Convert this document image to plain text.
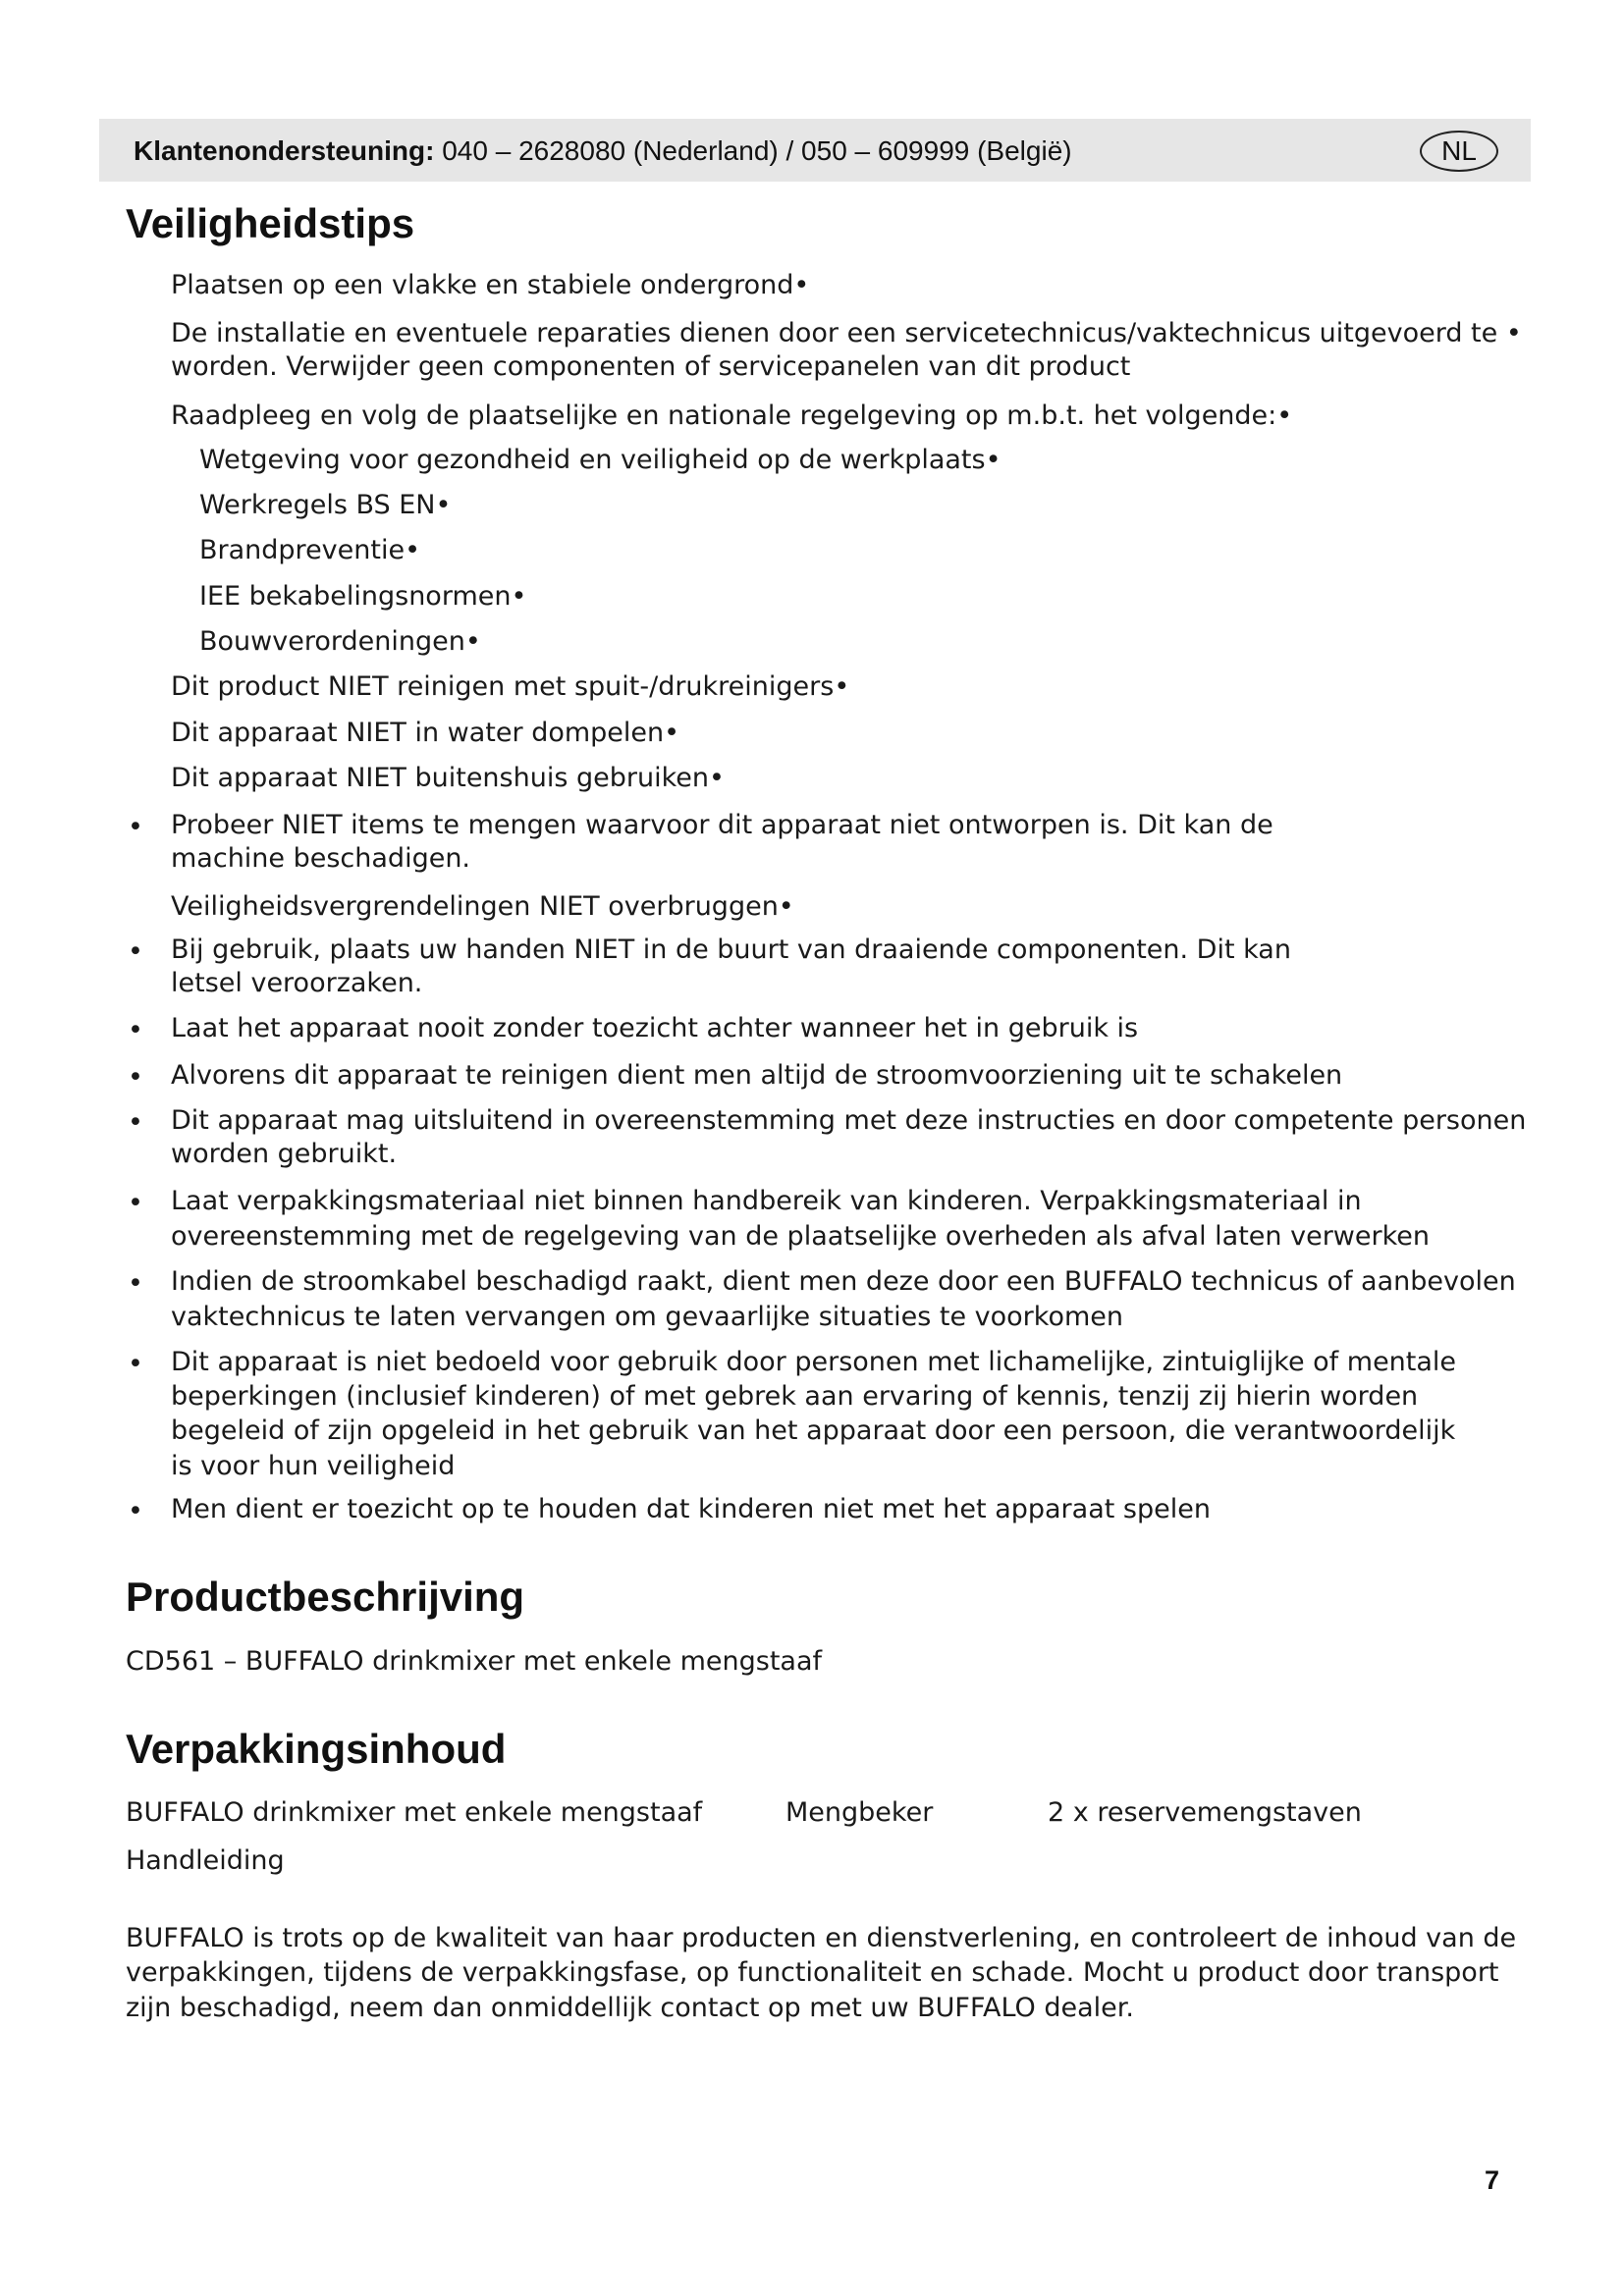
Klantenondersteuning: 040 – 2628080 (Nederland) / 050 – 609999 (België)	NL
Veiligheidstips
Plaatsen op een vlakke en stabiele ondergrond•
De installatie en eventuele reparaties dienen door een servicetechnicus/vaktechnicus uitgevoerd te •
worden. Verwijder geen componenten of servicepanelen van dit product
Raadpleeg en volg de plaatselijke en nationale regelgeving op m.b.t. het volgende:•
Wetgeving voor gezondheid en veiligheid op de werkplaats•
Werkregels BS EN•
Brandpreventie•
IEE bekabelingsnormen•
Bouwverordeningen•
Dit product NIET reinigen met spuit-/drukreinigers•
Dit apparaat NIET in water dompelen•
Dit apparaat NIET buitenshuis gebruiken•
• Probeer NIET items te mengen waarvoor dit apparaat niet ontworpen is. Dit kan de
machine beschadigen.
Veiligheidsvergrendelingen NIET overbruggen•
• Bij gebruik, plaats uw handen NIET in de buurt van draaiende componenten. Dit kan
letsel veroorzaken.
• Laat het apparaat nooit zonder toezicht achter wanneer het in gebruik is
• Alvorens dit apparaat te reinigen dient men altijd de stroomvoorziening uit te schakelen
• Dit apparaat mag uitsluitend in overeenstemming met deze instructies en door competente personen
worden gebruikt.
• Laat verpakkingsmateriaal niet binnen handbereik van kinderen. Verpakkingsmateriaal in
overeenstemming met de regelgeving van de plaatselijke overheden als afval laten verwerken
• Indien de stroomkabel beschadigd raakt, dient men deze door een BUFFALO technicus of aanbevolen
vaktechnicus te laten vervangen om gevaarlijke situaties te voorkomen
• Dit apparaat is niet bedoeld voor gebruik door personen met lichamelijke, zintuiglijke of mentale
beperkingen (inclusief kinderen) of met gebrek aan ervaring of kennis, tenzij zij hierin worden
begeleid of zijn opgeleid in het gebruik van het apparaat door een persoon, die verantwoordelijk
is voor hun veiligheid
• Men dient er toezicht op te houden dat kinderen niet met het apparaat spelen
Productbeschrijving
CD561 – BUFFALO drinkmixer met enkele mengstaaf
Verpakkingsinhoud
BUFFALO drinkmixer met enkele mengstaaf	Mengbeker	2 x reservemengstaven
Handleiding
BUFFALO is trots op de kwaliteit van haar producten en dienstverlening, en controleert de inhoud van de
verpakkingen, tijdens de verpakkingsfase, op functionaliteit en schade. Mocht u product door transport
zijn beschadigd, neem dan onmiddellijk contact op met uw BUFFALO dealer.
7
